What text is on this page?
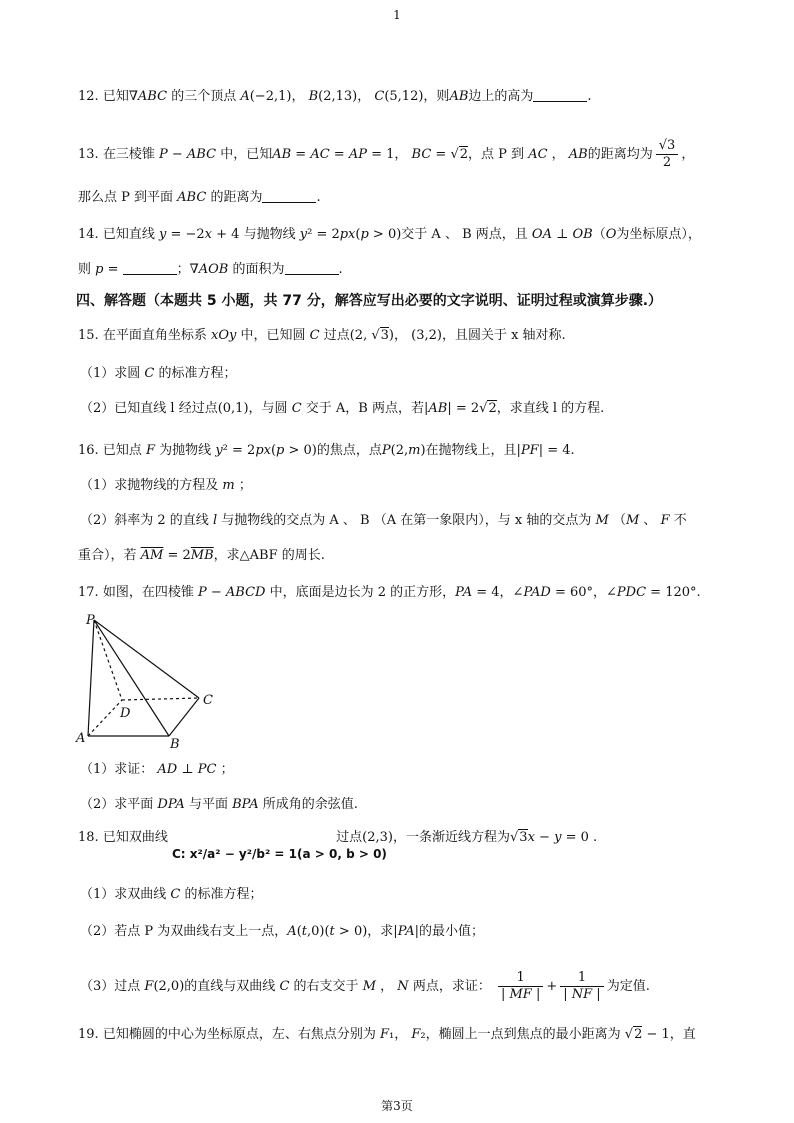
1
12. 已知∇ABC 的三个顶点 A(−2,1)， B(2,13)， C(5,12)，则AB边上的高为	.
13. 在三棱锥 P − ABC 中，已知AB = AC = AP = 1， BC = √2，点 P 到 AC ， AB的距离均为 $\frac{√3}{2}$ ，
那么点 P 到平面 ABC 的距离为	.
14. 已知直线 y = −2x + 4 与抛物线 y² = 2px(p > 0)交于 A 、 B 两点，且 OA ⊥ OB（O为坐标原点），
则 p =	；∇AOB 的面积为	.
四、解答题（本题共 5 小题，共 77 分，解答应写出必要的文字说明、证明过程或演算步骤.）
15. 在平面直角坐标系 xOy 中，已知圆 C 过点(2, √3)， (3,2)，且圆关于 x 轴对称.
（1）求圆 C 的标准方程；
（2）已知直线 l 经过点(0,1)，与圆 C 交于 A，B 两点，若|AB| = 2√2，求直线 l 的方程.
16. 已知点 F 为抛物线 y² = 2px(p > 0)的焦点，点P(2,m)在抛物线上，且|PF| = 4.
（1）求抛物线的方程及 m ；
（2）斜率为 2 的直线 l 与抛物线的交点为 A 、 B （A 在第一象限内），与 x 轴的交点为 M （M 、 F 不
重合），若 $\overline{AM} = 2\overline{MB}$，求△ABF 的周长.
17. 如图，在四棱锥 P − ABCD 中，底面是边长为 2 的正方形，PA = 4，∠PAD = 60°，∠PDC = 120°.
P
A	B
C
D
（1）求证： AD ⊥ PC ；
（2）求平面 DPA 与平面 BPA 所成角的余弦值.
18. 已知双曲线	过点(2,3)，一条渐近线方程为√3x − y = 0 .
C: x²/a² − y²/b² = 1(a > 0, b > 0)
（1）求双曲线 C 的标准方程；
（2）若点 P 为双曲线右支上一点，A(t,0)(t > 0)，求|PA|的最小值；
（3）过点 F(2,0)的直线与双曲线 C 的右支交于 M ， N 两点，求证： $\frac{1}{| MF |} + \frac{1}{| NF |}$ 为定值.
19. 已知椭圆的中心为坐标原点，左、右焦点分别为 F₁， F₂，椭圆上一点到焦点的最小距离为 √2 − 1，直
第3页
